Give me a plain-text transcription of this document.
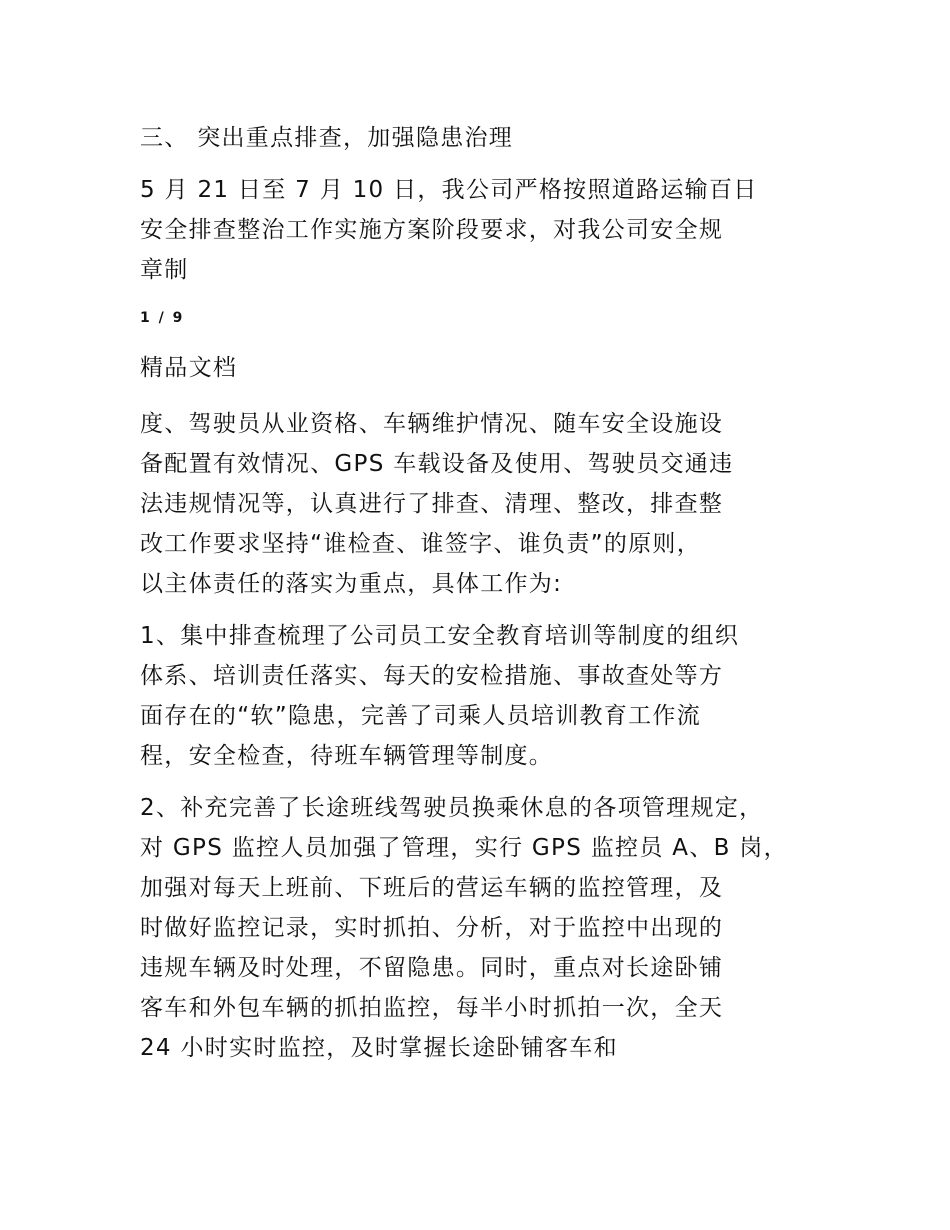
三、 突出重点排查，加强隐患治理
5 月 21 日至 7 月 10 日，我公司严格按照道路运输百日
安全排查整治工作实施方案阶段要求，对我公司安全规
章制
1 / 9
精品文档
度、驾驶员从业资格、车辆维护情况、随车安全设施设
备配置有效情况、GPS 车载设备及使用、驾驶员交通违
法违规情况等，认真进行了排查、清理、整改，排查整
改工作要求坚持“谁检查、谁签字、谁负责”的原则，
以主体责任的落实为重点，具体工作为:
1、集中排查梳理了公司员工安全教育培训等制度的组织
体系、培训责任落实、每天的安检措施、事故查处等方
面存在的“软”隐患，完善了司乘人员培训教育工作流
程，安全检查，待班车辆管理等制度。
2、补充完善了长途班线驾驶员换乘休息的各项管理规定，
对 GPS 监控人员加强了管理，实行 GPS 监控员 A、B 岗，
加强对每天上班前、下班后的营运车辆的监控管理，及
时做好监控记录，实时抓拍、分析，对于监控中出现的
违规车辆及时处理，不留隐患。同时，重点对长途卧铺
客车和外包车辆的抓拍监控，每半小时抓拍一次，全天
24 小时实时监控，及时掌握长途卧铺客车和
